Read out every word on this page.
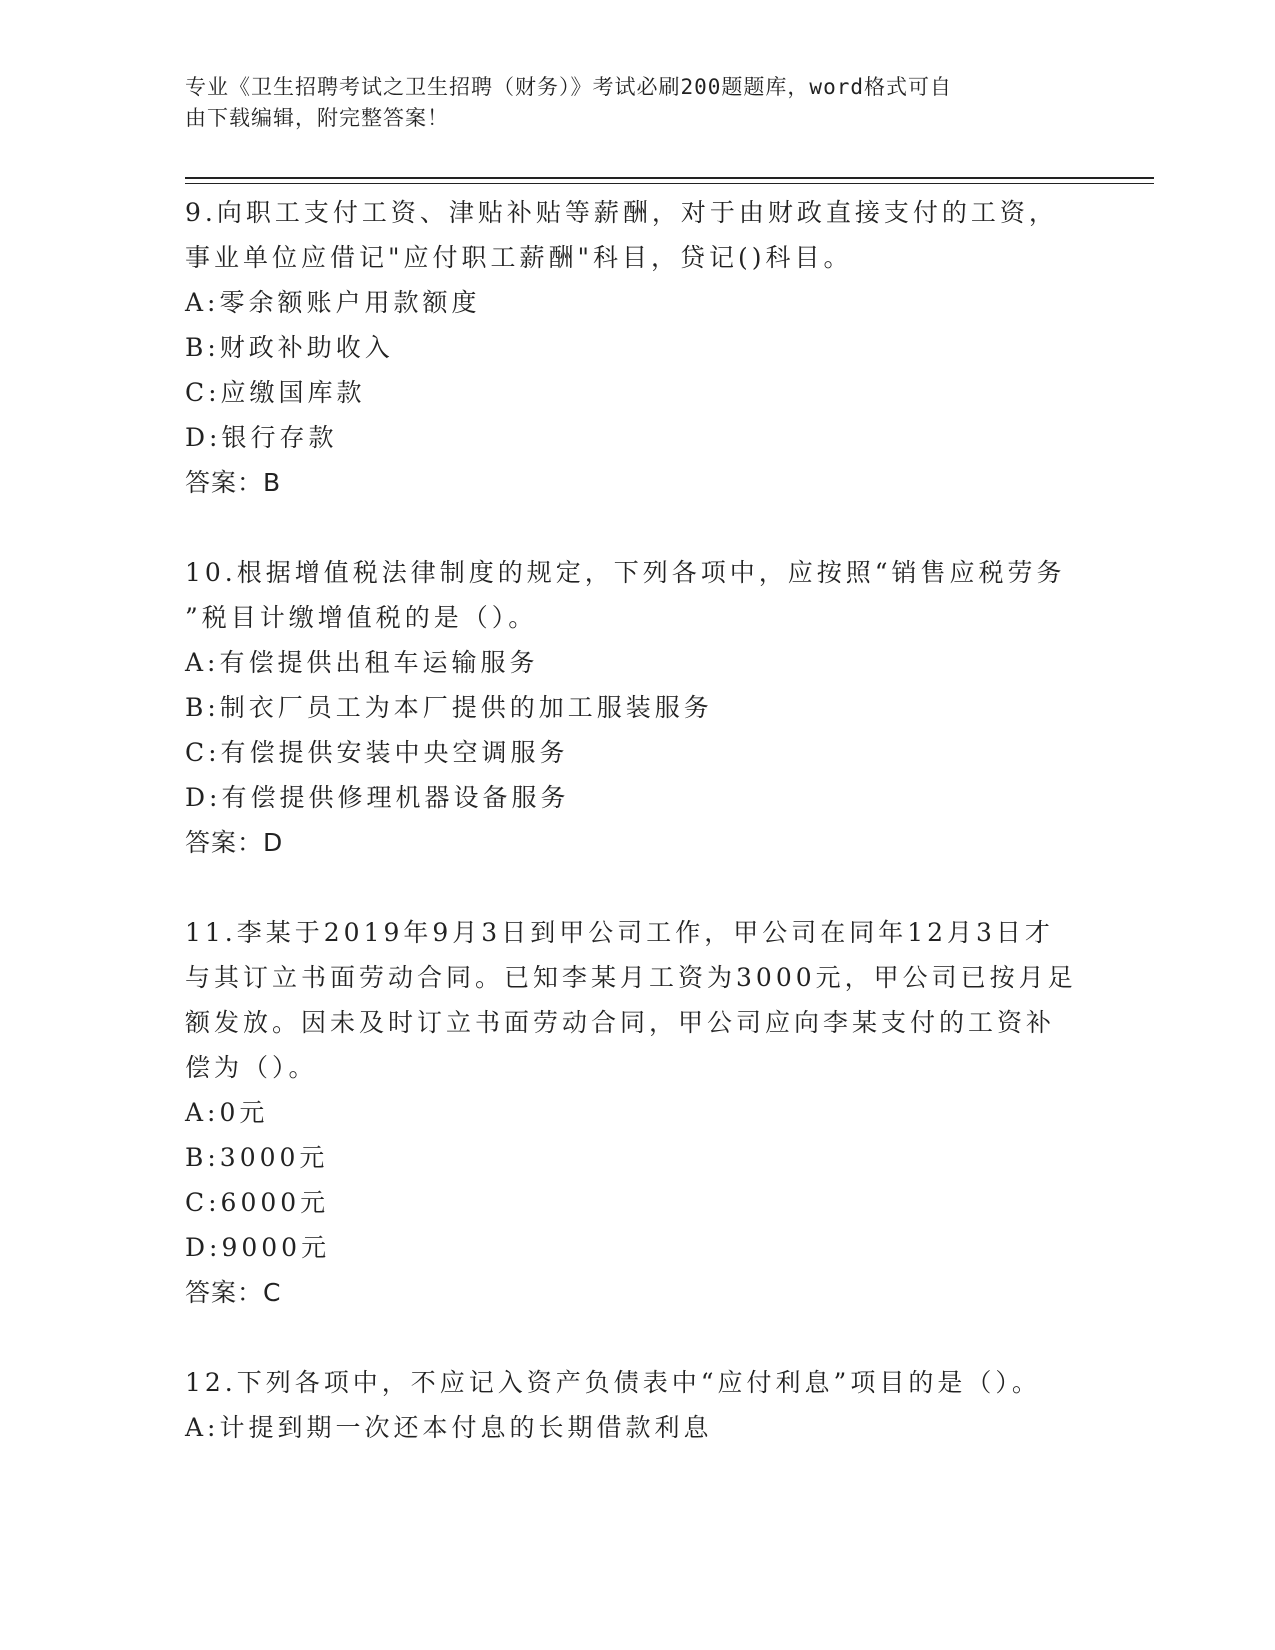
专业《卫生招聘考试之卫生招聘（财务）》考试必刷200题题库，word格式可自
由下载编辑，附完整答案！
9.向职工支付工资、津贴补贴等薪酬，对于由财政直接支付的工资，
事业单位应借记"应付职工薪酬"科目，贷记()科目。
A:零余额账户用款额度
B:财政补助收入
C:应缴国库款
D:银行存款
答案：B
10.根据增值税法律制度的规定，下列各项中，应按照“销售应税劳务
”税目计缴增值税的是（）。
A:有偿提供出租车运输服务
B:制衣厂员工为本厂提供的加工服装服务
C:有偿提供安装中央空调服务
D:有偿提供修理机器设备服务
答案：D
11.李某于2019年9月3日到甲公司工作，甲公司在同年12月3日才
与其订立书面劳动合同。已知李某月工资为3000元，甲公司已按月足
额发放。因未及时订立书面劳动合同，甲公司应向李某支付的工资补
偿为（）。
A:0元
B:3000元
C:6000元
D:9000元
答案：C
12.下列各项中，不应记入资产负债表中“应付利息”项目的是（）。
A:计提到期一次还本付息的长期借款利息
